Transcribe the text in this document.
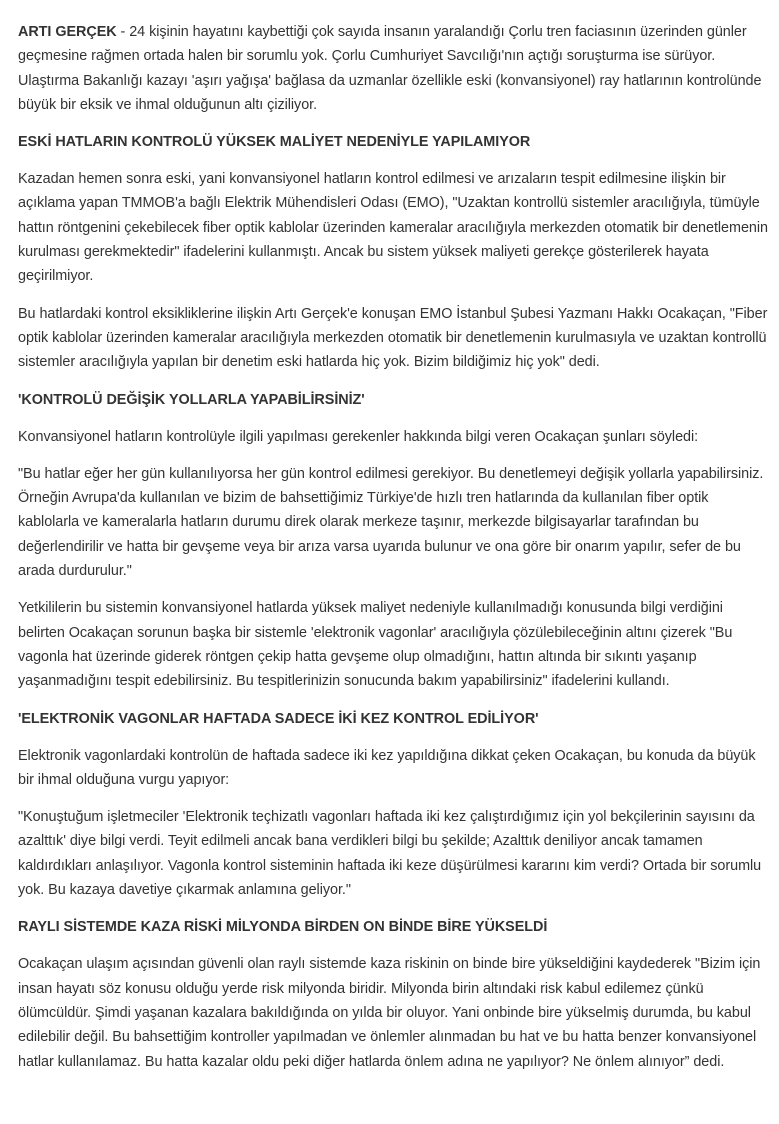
ARTI GERÇEK - 24 kişinin hayatını kaybettiği çok sayıda insanın yaralandığı Çorlu tren faciasının üzerinden günler geçmesine rağmen ortada halen bir sorumlu yok. Çorlu Cumhuriyet Savcılığı'nın açtığı soruşturma ise sürüyor. Ulaştırma Bakanlığı kazayı 'aşırı yağışa' bağlasa da uzmanlar özellikle eski (konvansiyonel) ray hatlarının kontrolünde büyük bir eksik ve ihmal olduğunun altı çiziliyor.

ESKİ HATLARIN KONTROLÜ YÜKSEK MALİYET NEDENİYLE YAPILAMIYOR

Kazadan hemen sonra eski, yani konvansiyonel hatların kontrol edilmesi ve arızaların tespit edilmesine ilişkin bir açıklama yapan TMMOB'a bağlı Elektrik Mühendisleri Odası (EMO), "Uzaktan kontrollü sistemler aracılığıyla, tümüyle hattın röntgenini çekebilecek fiber optik kablolar üzerinden kameralar aracılığıyla merkezden otomatik bir denetlemenin kurulması gerekmektedir" ifadelerini kullanmıştı. Ancak bu sistem yüksek maliyeti gerekçe gösterilerek hayata geçirilmiyor.

Bu hatlardaki kontrol eksikliklerine ilişkin Artı Gerçek'e konuşan EMO İstanbul Şubesi Yazmanı Hakkı Ocakaçan, "Fiber optik kablolar üzerinden kameralar aracılığıyla merkezden otomatik bir denetlemenin kurulmasıyla ve uzaktan kontrollü sistemler aracılığıyla yapılan bir denetim eski hatlarda hiç yok. Bizim bildiğimiz hiç yok" dedi.

'KONTROLÜ DEĞİŞİK YOLLARLA YAPABİLİRSİNİZ'

Konvansiyonel hatların kontrolüyle ilgili yapılması gerekenler hakkında bilgi veren Ocakaçan şunları söyledi:

"Bu hatlar eğer her gün kullanılıyorsa her gün kontrol edilmesi gerekiyor. Bu denetlemeyi değişik yollarla yapabilirsiniz. Örneğin Avrupa'da kullanılan ve bizim de bahsettiğimiz Türkiye'de hızlı tren hatlarında da kullanılan fiber optik kablolarla ve kameralarla hatların durumu direk olarak merkeze taşınır, merkezde bilgisayarlar tarafından bu değerlendirilir ve hatta bir gevşeme veya bir arıza varsa uyarıda bulunur ve ona göre bir onarım yapılır, sefer de bu arada durdurulur."

Yetkililerin bu sistemin konvansiyonel hatlarda yüksek maliyet nedeniyle kullanılmadığı konusunda bilgi verdiğini belirten Ocakaçan sorunun başka bir sistemle 'elektronik vagonlar' aracılığıyla çözülebileceğinin altını çizerek "Bu vagonla hat üzerinde giderek röntgen çekip hatta gevşeme olup olmadığını, hattın altında bir sıkıntı yaşanıp yaşanmadığını tespit edebilirsiniz. Bu tespitlerinizin sonucunda bakım yapabilirsiniz" ifadelerini kullandı.

'ELEKTRONİK VAGONLAR HAFTADA SADECE İKİ KEZ KONTROL EDİLİYOR'

Elektronik vagonlardaki kontrolün de haftada sadece iki kez yapıldığına dikkat çeken Ocakaçan, bu konuda da büyük bir ihmal olduğuna vurgu yapıyor:

"Konuştuğum işletmeciler 'Elektronik teçhizatlı vagonları haftada iki kez çalıştırdığımız için yol bekçilerinin sayısını da azalttık' diye bilgi verdi. Teyit edilmeli ancak bana verdikleri bilgi bu şekilde; Azalttık deniliyor ancak tamamen kaldırdıkları anlaşılıyor. Vagonla kontrol sisteminin haftada iki keze düşürülmesi kararını kim verdi? Ortada bir sorumlu yok. Bu kazaya davetiye çıkarmak anlamına geliyor."

RAYLI SİSTEMDE KAZA RİSKİ MİLYONDA BİRDEN ON BİNDE BİRE YÜKSELDİ

Ocakaçan ulaşım açısından güvenli olan raylı sistemde kaza riskinin on binde bire yükseldiğini kaydederek "Bizim için insan hayatı söz konusu olduğu yerde risk milyonda biridir. Milyonda birin altındaki risk kabul edilemez çünkü ölümcüldür. Şimdi yaşanan kazalara bakıldığında on yılda bir oluyor. Yani onbinde bire yükselmiş durumda, bu kabul edilebilir değil. Bu bahsettiğim kontroller yapılmadan ve önlemler alınmadan bu hat ve bu hatta benzer konvansiyonel hatlar kullanılamaz. Bu hatta kazalar oldu peki diğer hatlarda önlem adına ne yapılıyor? Ne önlem alınıyor” dedi.
